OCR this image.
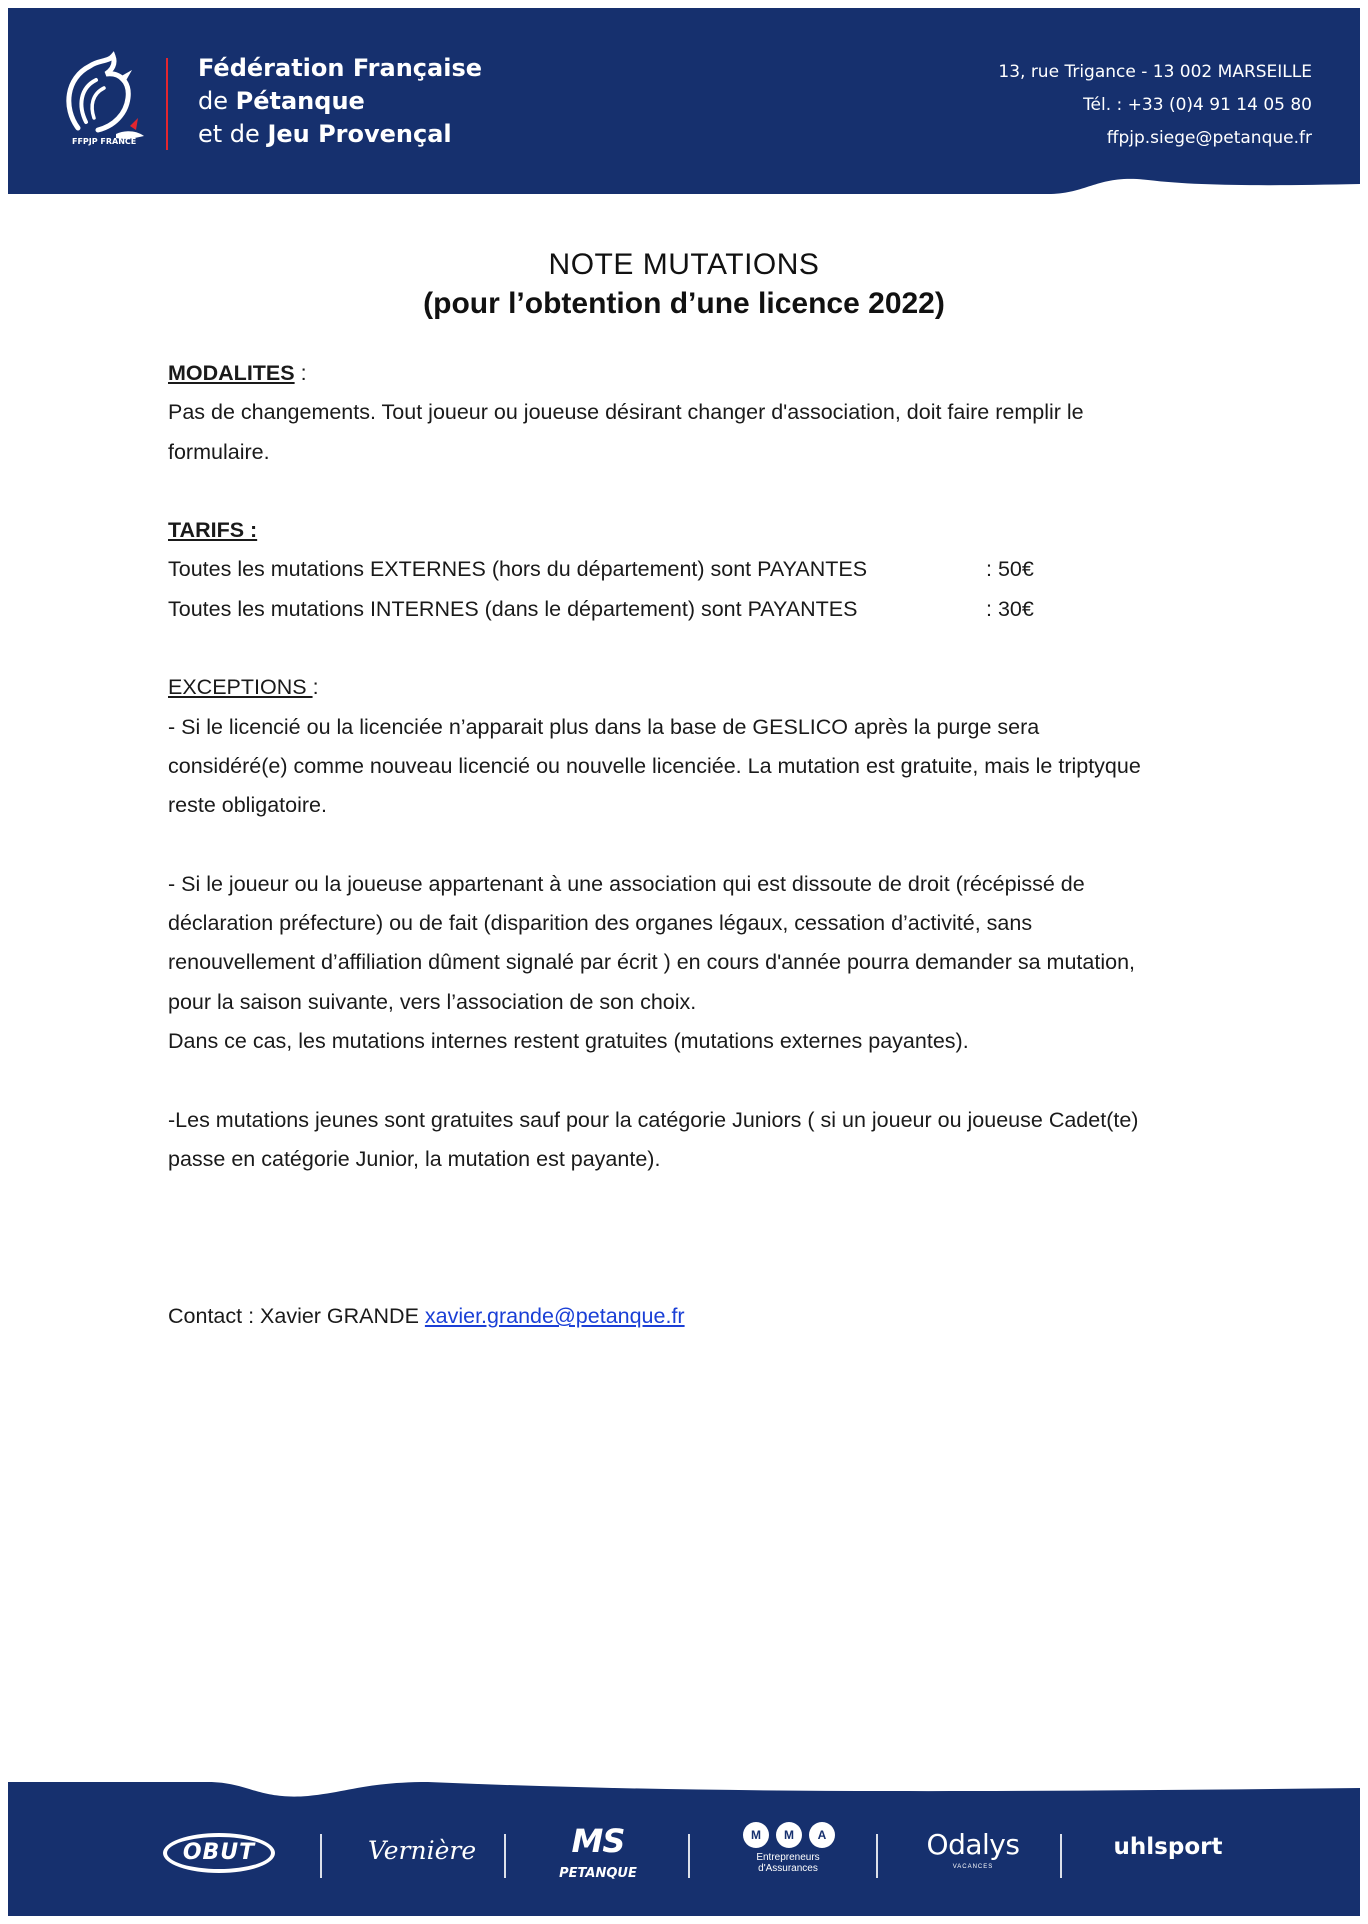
FFPJP FRANCE
Fédération Française
de Pétanque
et de Jeu Provençal
13, rue Trigance - 13 002 MARSEILLE
Tél. : +33 (0)4 91 14 05 80
ffpjp.siege@petanque.fr
NOTE MUTATIONS
(pour l’obtention d’une licence 2022)
MODALITES :
Pas de changements. Tout joueur ou joueuse désirant changer d'association, doit faire remplir le
formulaire.
TARIFS :
Toutes les mutations EXTERNES (hors du département) sont PAYANTES	: 50€
Toutes les mutations INTERNES (dans le département) sont PAYANTES	: 30€
EXCEPTIONS :
- Si le licencié ou la licenciée n’apparait plus dans la base de GESLICO après la purge sera
considéré(e) comme nouveau licencié ou nouvelle licenciée. La mutation est gratuite, mais le triptyque
reste obligatoire.
- Si le joueur ou la joueuse appartenant à une association qui est dissoute de droit (récépissé de
déclaration préfecture) ou de fait (disparition des organes légaux, cessation d’activité, sans
renouvellement d’affiliation dûment signalé par écrit ) en cours d'année pourra demander sa mutation,
pour la saison suivante, vers l’association de son choix.
Dans ce cas, les mutations internes restent gratuites (mutations externes payantes).
-Les mutations jeunes sont gratuites sauf pour la catégorie Juniors ( si un joueur ou joueuse Cadet(te)
passe en catégorie Junior, la mutation est payante).
Contact : Xavier GRANDE xavier.grande@petanque.fr
OBUT	Vernière	MS
PETANQUE
M	M	A
Entrepreneurs
d'Assurances
Odalys
VACANCES
uhlsport
